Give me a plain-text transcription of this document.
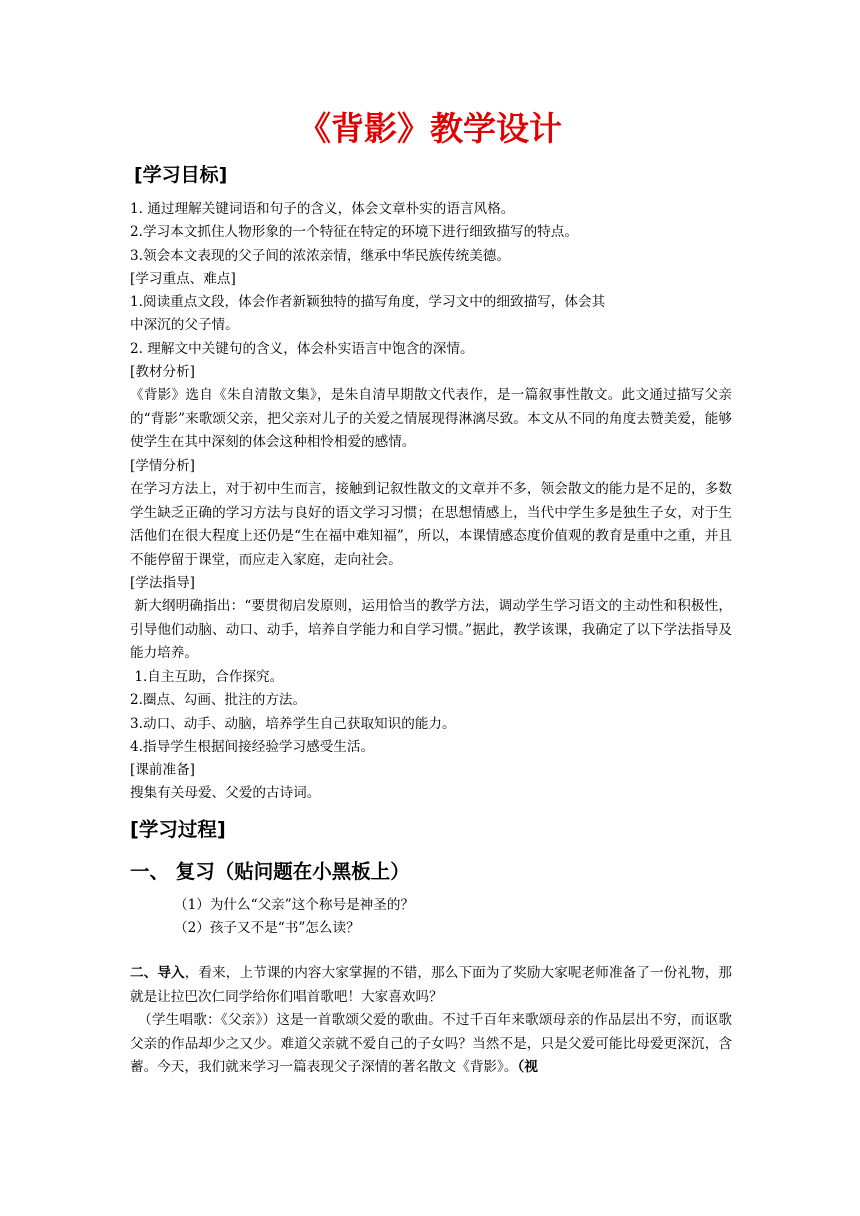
《背影》教学设计

[学习目标]

1. 通过理解关键词语和句子的含义，体会文章朴实的语言风格。

2.学习本文抓住人物形象的一个特征在特定的环境下进行细致描写的特点。

3.领会本文表现的父子间的浓浓亲情，继承中华民族传统美德。

[学习重点、难点]

1.阅读重点文段，体会作者新颖独特的描写角度，学习文中的细致描写，体会其

中深沉的父子情。

2. 理解文中关键句的含义，体会朴实语言中饱含的深情。

[教材分析]

《背影》选自《朱自清散文集》，是朱自清早期散文代表作，是一篇叙事性散文。此文通过描写父亲的“背影”来歌颂父亲，把父亲对儿子的关爱之情展现得淋漓尽致。本文从不同的角度去赞美爱，能够使学生在其中深刻的体会这种相怜相爱的感情。

[学情分析]

在学习方法上，对于初中生而言，接触到记叙性散文的文章并不多，领会散文的能力是不足的，多数学生缺乏正确的学习方法与良好的语文学习习惯；在思想情感上，当代中学生多是独生子女，对于生活他们在很大程度上还仍是“生在福中难知福”，所以，本课情感态度价值观的教育是重中之重，并且不能停留于课堂，而应走入家庭，走向社会。

[学法指导]

新大纲明确指出：“要贯彻启发原则，运用恰当的教学方法，调动学生学习语文的主动性和积极性，引导他们动脑、动口、动手，培养自学能力和自学习惯。”据此，教学该课，我确定了以下学法指导及能力培养。

1.自主互助，合作探究。

2.圈点、勾画、批注的方法。

3.动口、动手、动脑，培养学生自己获取知识的能力。

4.指导学生根据间接经验学习感受生活。

[课前准备]

搜集有关母爱、父爱的古诗词。

[学习过程]

一、 复习（贴问题在小黑板上）

（1）为什么“父亲”这个称号是神圣的？

（2）孩子又不是“书”怎么读？

二、导入，看来，上节课的内容大家掌握的不错，那么下面为了奖励大家呢老师准备了一份礼物，那就是让拉巴次仁同学给你们唱首歌吧！大家喜欢吗？

（学生唱歌：《父亲》）这是一首歌颂父爱的歌曲。不过千百年来歌颂母亲的作品层出不穷，而讴歌父亲的作品却少之又少。难道父亲就不爱自己的子女吗？当然不是，只是父爱可能比母爱更深沉，含蓄。今天，我们就来学习一篇表现父子深情的著名散文《背影》。（视
